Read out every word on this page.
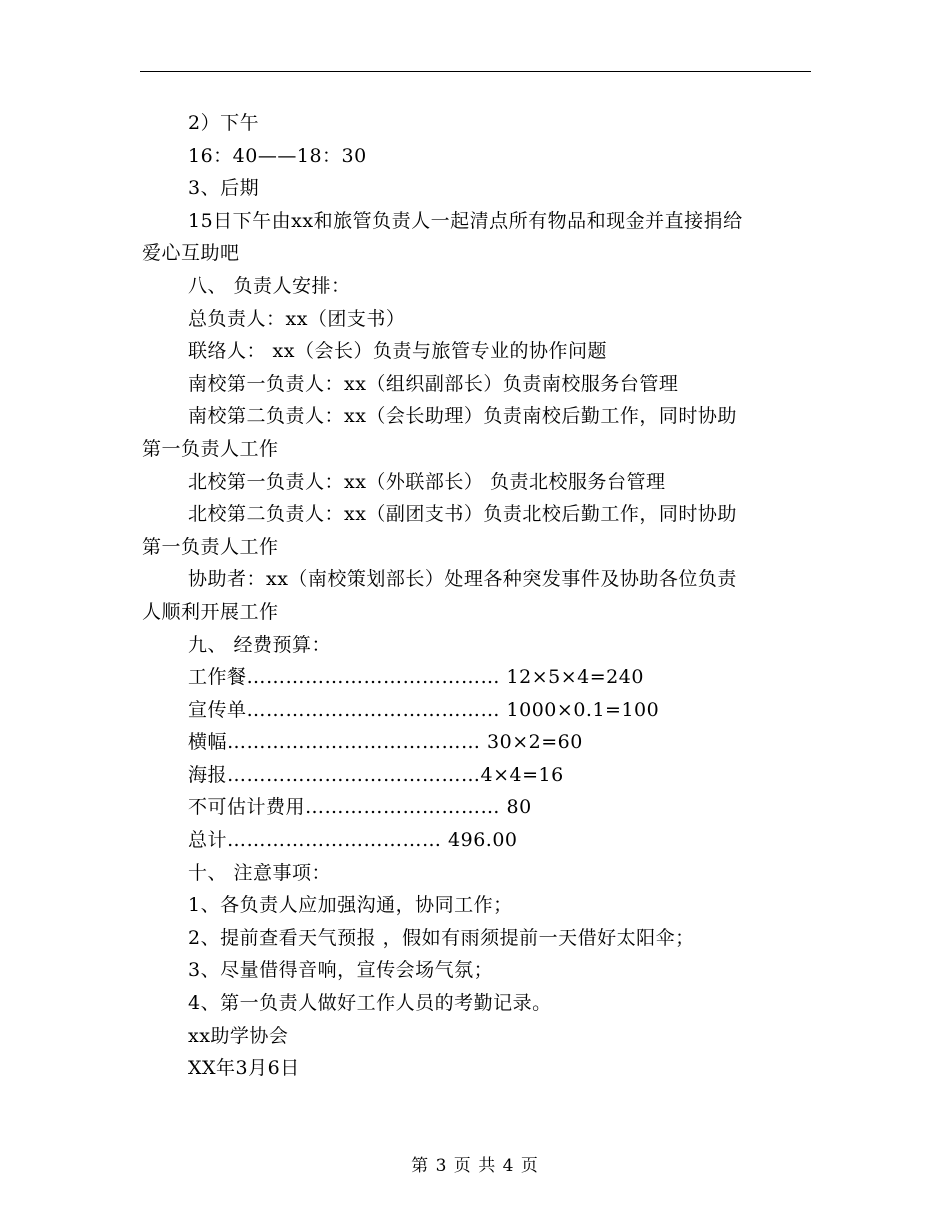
2）下午

16：40——18：30

3、后期

15日下午由xx和旅管负责人一起清点所有物品和现金并直接捐给

爱心互助吧

八、 负责人安排：

总负责人：xx（团支书）

联络人： xx（会长）负责与旅管专业的协作问题

南校第一负责人：xx（组织副部长）负责南校服务台管理

南校第二负责人：xx（会长助理）负责南校后勤工作，同时协助

第一负责人工作

北校第一负责人：xx（外联部长） 负责北校服务台管理

北校第二负责人：xx（副团支书）负责北校后勤工作，同时协助

第一负责人工作

协助者：xx（南校策划部长）处理各种突发事件及协助各位负责

人顺利开展工作

九、 经费预算：

工作餐………………………………… 12×5×4=240

宣传单………………………………… 1000×0.1=100

横幅………………………………… 30×2=60

海报…………………………………4×4=16

不可估计费用………………………… 80

总计…………………………… 496.00

十、 注意事项：

1、各负责人应加强沟通，协同工作；

2、提前查看天气预报 ，假如有雨须提前一天借好太阳伞；

3、尽量借得音响，宣传会场气氛；

4、第一负责人做好工作人员的考勤记录。

xx助学协会

XX年3月6日

第 3 页 共 4 页
